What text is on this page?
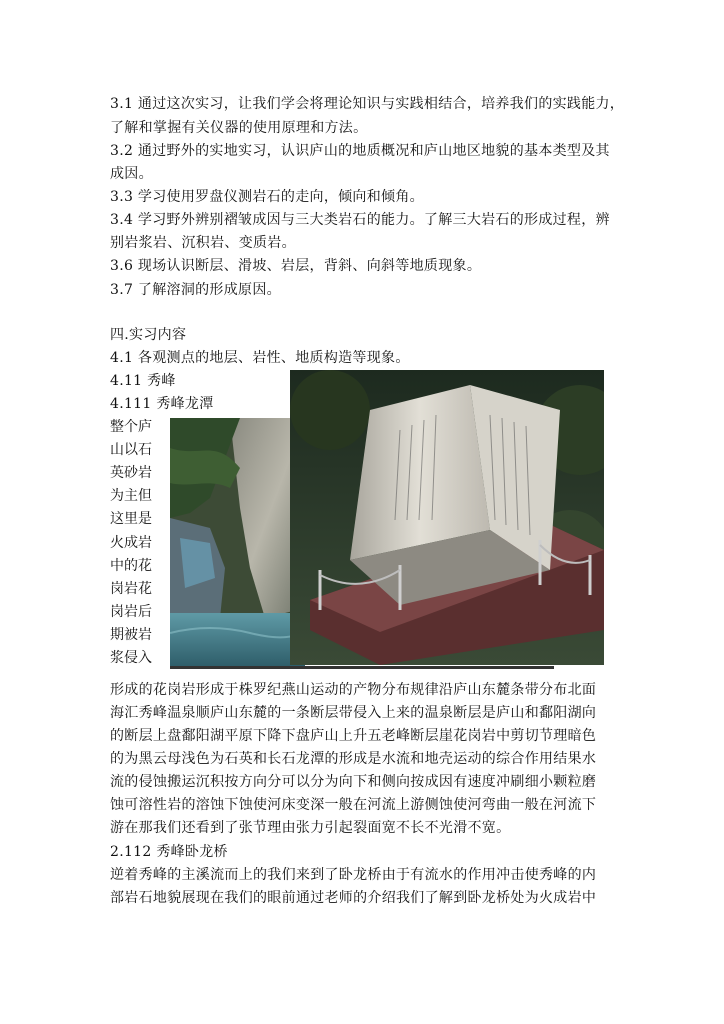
3.1 通过这次实习，让我们学会将理论知识与实践相结合，培养我们的实践能力，
了解和掌握有关仪器的使用原理和方法。
3.2 通过野外的实地实习，认识庐山的地质概况和庐山地区地貌的基本类型及其
成因。
3.3 学习使用罗盘仪测岩石的走向，倾向和倾角。
3.4 学习野外辨别褶皱成因与三大类岩石的能力。了解三大岩石的形成过程，辨
别岩浆岩、沉积岩、变质岩。
3.6 现场认识断层、滑坡、岩层，背斜、向斜等地质现象。
3.7 了解溶洞的形成原因。
四.实习内容
4.1 各观测点的地层、岩性、地质构造等现象。
4.11 秀峰
4.111 秀峰龙潭
整个庐
山以石
英砂岩
为主但
这里是
火成岩
中的花
岗岩花
岗岩后
期被岩
浆侵入
形成的花岗岩形成于株罗纪燕山运动的产物分布规律沿庐山东麓条带分布北面
海汇秀峰温泉顺庐山东麓的一条断层带侵入上来的温泉断层是庐山和鄱阳湖向
的断层上盘鄱阳湖平原下降下盘庐山上升五老峰断层崖花岗岩中剪切节理暗色
的为黑云母浅色为石英和长石龙潭的形成是水流和地壳运动的综合作用结果水
流的侵蚀搬运沉积按方向分可以分为向下和侧向按成因有速度冲刷细小颗粒磨
蚀可溶性岩的溶蚀下蚀使河床变深一般在河流上游侧蚀使河弯曲一般在河流下
游在那我们还看到了张节理由张力引起裂面宽不长不光滑不宽。
2.112 秀峰卧龙桥
逆着秀峰的主溪流而上的我们来到了卧龙桥由于有流水的作用冲击使秀峰的内
部岩石地貌展现在我们的眼前通过老师的介绍我们了解到卧龙桥处为火成岩中
